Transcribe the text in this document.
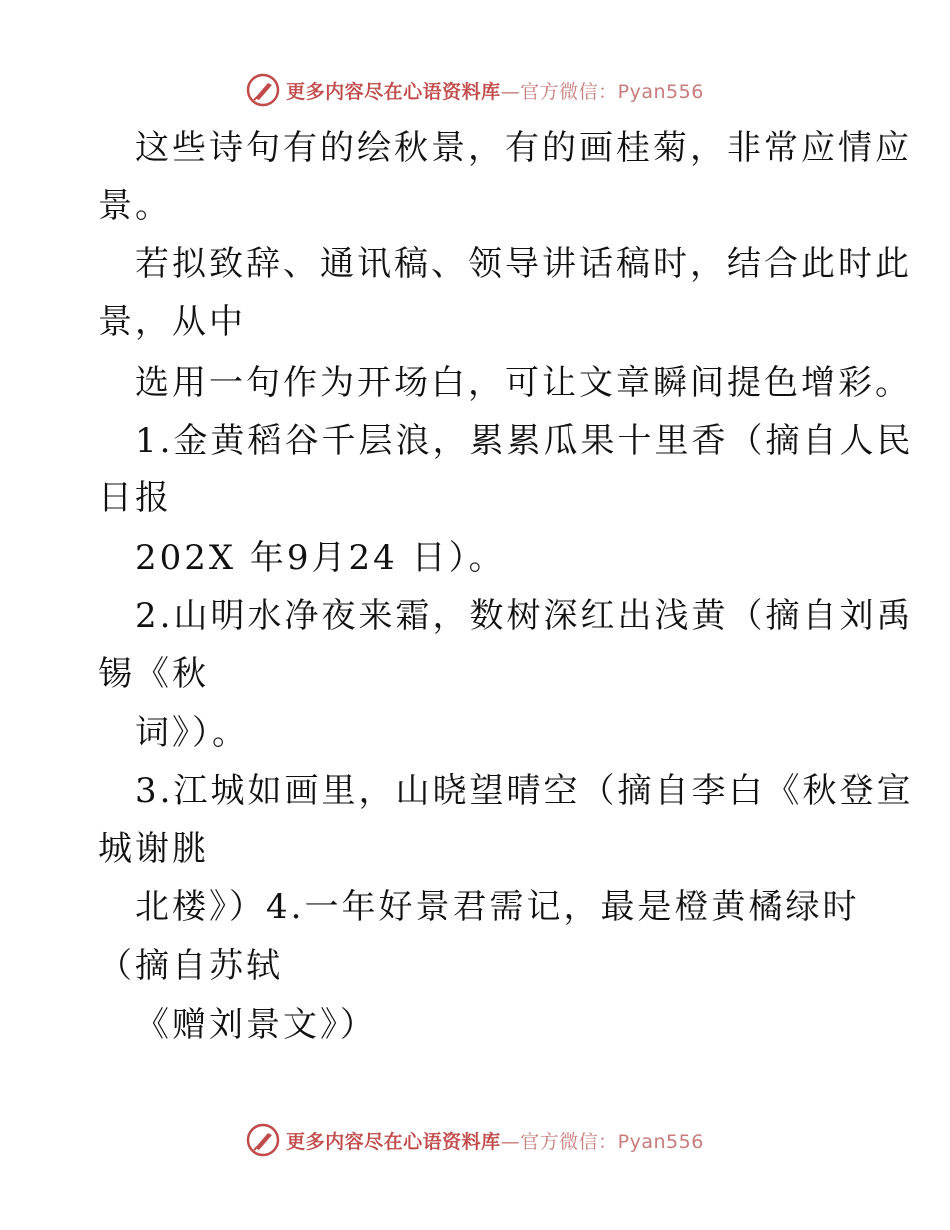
更多内容尽在心语资料库—官方微信：Pyan556
这些诗句有的绘秋景，有的画桂菊，非常应情应
景。
若拟致辞、通讯稿、领导讲话稿时，结合此时此
景，从中
选用一句作为开场白，可让文章瞬间提色增彩。
1.金黄稻谷千层浪，累累瓜果十里香（摘自人民
日报
202X 年9月24 日）。
2.山明水净夜来霜，数树深红出浅黄（摘自刘禹
锡《秋
词》）。
3.江城如画里，山晓望晴空（摘自李白《秋登宣
城谢朓
北楼》）4.一年好景君需记，最是橙黄橘绿时
（摘自苏轼
《赠刘景文》）
更多内容尽在心语资料库—官方微信：Pyan556
